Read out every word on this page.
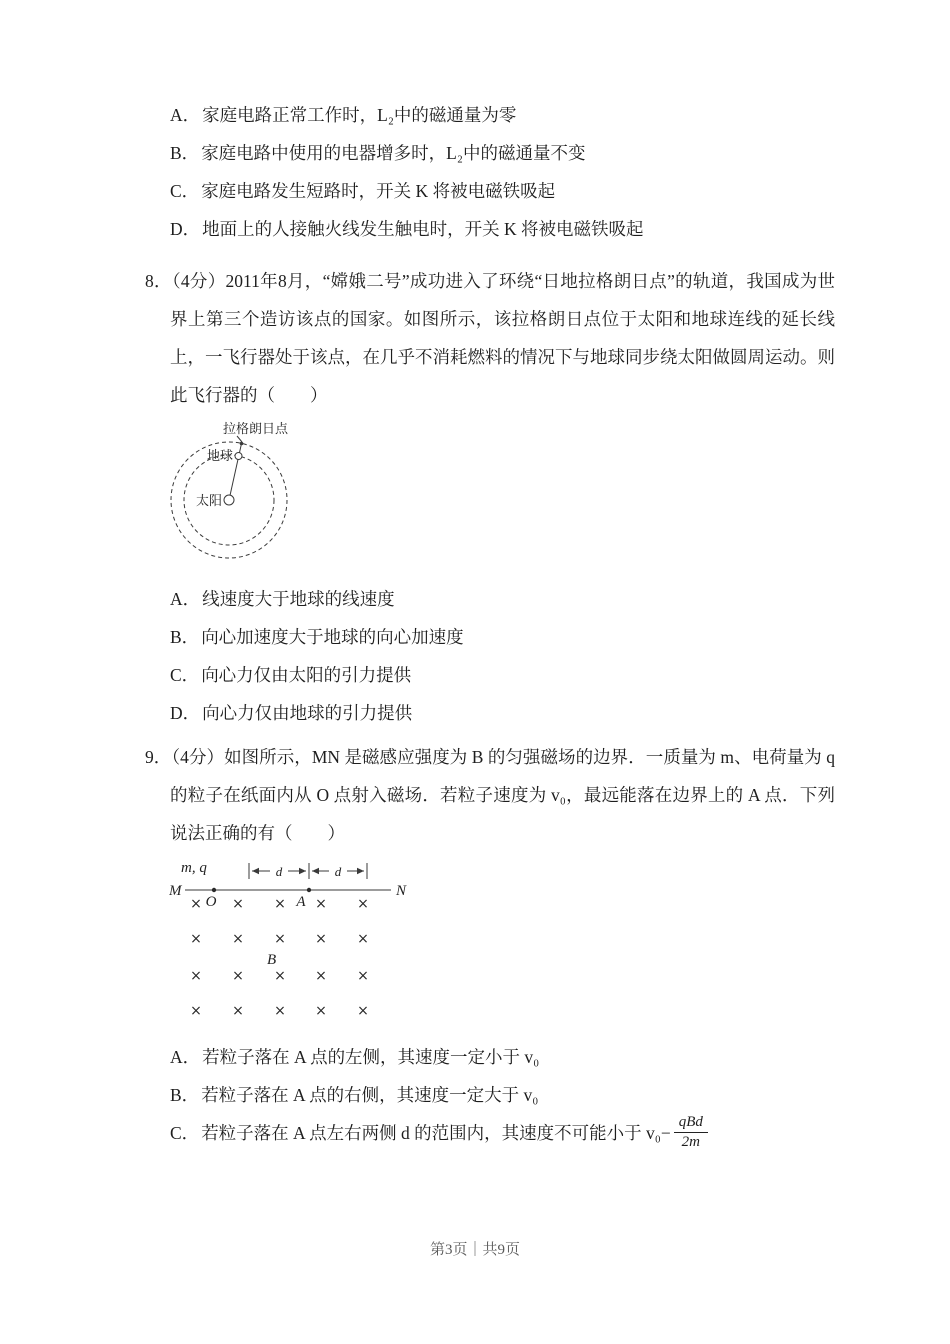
A． 家庭电路正常工作时，L₂中的磁通量为零
B． 家庭电路中使用的电器增多时，L₂中的磁通量不变
C． 家庭电路发生短路时，开关 K 将被电磁铁吸起
D． 地面上的人接触火线发生触电时，开关 K 将被电磁铁吸起

8．（4分）2011年8月，“嫦娥二号”成功进入了环绕“日地拉格朗日点”的轨道，我国成为世界上第三个造访该点的国家。如图所示，该拉格朗日点位于太阳和地球连线的延长线上，一飞行器处于该点，在几乎不消耗燃料的情况下与地球同步绕太阳做圆周运动。则此飞行器的（　　）

拉格朗日点
地球
太阳
A． 线速度大于地球的线速度
B． 向心加速度大于地球的向心加速度
C． 向心力仅由太阳的引力提供
D． 向心力仅由地球的引力提供

9．（4分）如图所示，MN 是磁感应强度为 B 的匀强磁场的边界．一质量为 m、电荷量为 q 的粒子在纸面内从 O 点射入磁场．若粒子速度为 v₀，最远能落在边界上的 A 点．下列说法正确的有（　　）

m, q	d	d
M	N
O	A
× × × × ×
× × × × ×
B
× × × × ×
× × × × ×
A． 若粒子落在 A 点的左侧，其速度一定小于 v₀
B． 若粒子落在 A 点的右侧，其速度一定大于 v₀
C． 若粒子落在 A 点左右两侧 d 的范围内，其速度不可能小于 $v_0- \frac{\text{qBd}}{2m}$
第3页｜共9页
